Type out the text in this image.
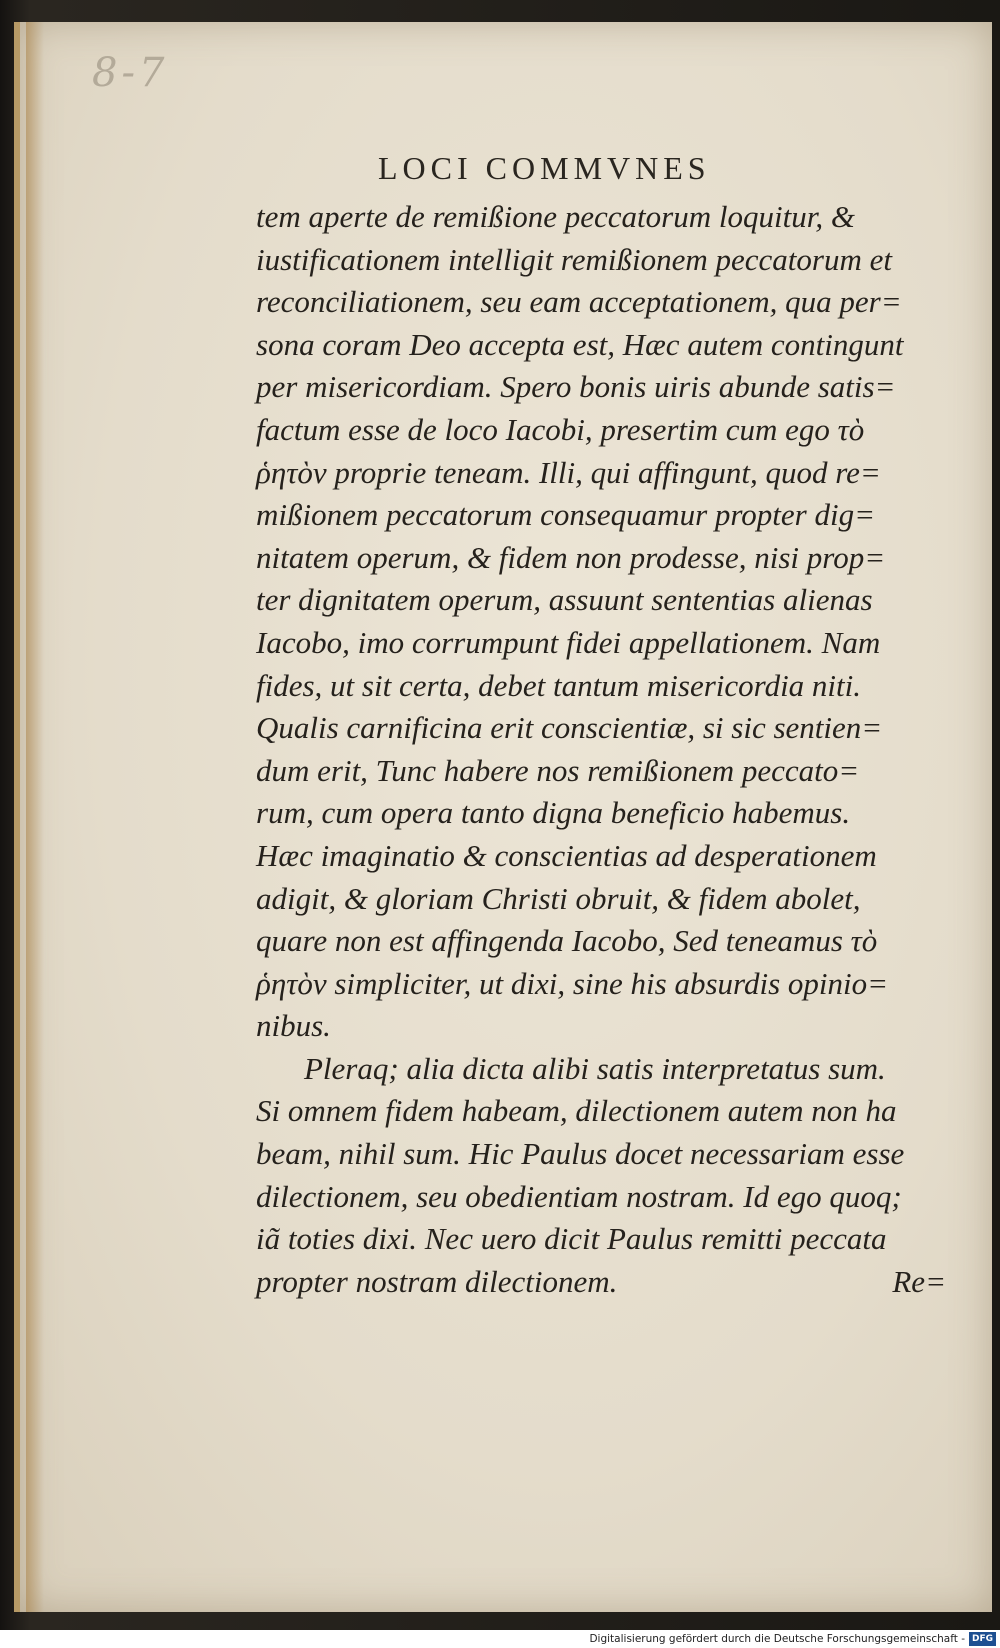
8-7
LOCI COMMVNES
tem aperte de remißione peccatorum loquitur, &
iustificationem intelligit remißionem peccatorum et
reconciliationem, seu eam acceptationem, qua per=
sona coram Deo accepta est, Hæc autem contingunt
per misericordiam. Spero bonis uiris abunde satis=
factum esse de loco Iacobi, presertim cum ego τὸ
ῥητὸν proprie teneam. Illi, qui affingunt, quod re=
mißionem peccatorum consequamur propter dig=
nitatem operum, & fidem non prodesse, nisi prop=
ter dignitatem operum, assuunt sententias alienas
Iacobo, imo corrumpunt fidei appellationem. Nam
fides, ut sit certa, debet tantum misericordia niti.
Qualis carnificina erit conscientiæ, si sic sentien=
dum erit, Tunc habere nos remißionem peccato=
rum, cum opera tanto digna beneficio habemus.
Hæc imaginatio & conscientias ad desperationem
adigit, & gloriam Christi obruit, & fidem abolet,
quare non est affingenda Iacobo, Sed teneamus τὸ
ῥητὸν simpliciter, ut dixi, sine his absurdis opinio=
nibus.
Pleraq; alia dicta alibi satis interpretatus sum.
Si omnem fidem habeam, dilectionem autem non ha
beam, nihil sum. Hic Paulus docet necessariam esse
dilectionem, seu obedientiam nostram. Id ego quoq;
iã toties dixi. Nec uero dicit Paulus remitti peccata
propter nostram dilectionem.	Re=
Digitalisierung gefördert durch die Deutsche Forschungsgemeinschaft - DFG
